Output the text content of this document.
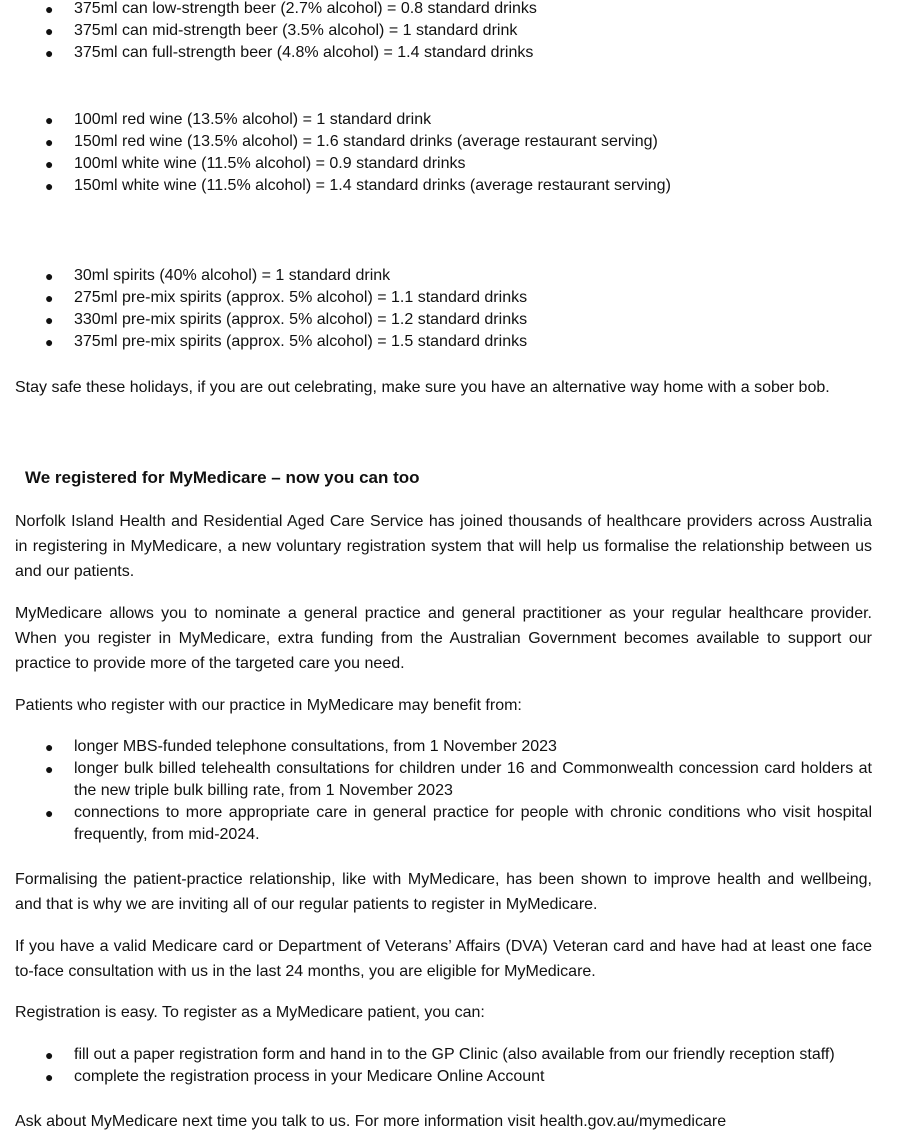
● 375ml can low-strength beer (2.7% alcohol) = 0.8 standard drinks
● 375ml can mid-strength beer (3.5% alcohol) = 1 standard drink
● 375ml can full-strength beer (4.8% alcohol) = 1.4 standard drinks
● 100ml red wine (13.5% alcohol) = 1 standard drink
● 150ml red wine (13.5% alcohol) = 1.6 standard drinks (average restaurant serving)
● 100ml white wine (11.5% alcohol) = 0.9 standard drinks
● 150ml white wine (11.5% alcohol) = 1.4 standard drinks (average restaurant serving)
● 30ml spirits (40% alcohol) = 1 standard drink
● 275ml pre-mix spirits (approx. 5% alcohol) = 1.1 standard drinks
● 330ml pre-mix spirits (approx. 5% alcohol) = 1.2 standard drinks
● 375ml pre-mix spirits (approx. 5% alcohol) = 1.5 standard drinks
Stay safe these holidays, if you are out celebrating, make sure you have an alternative way home with a sober bob.
We registered for MyMedicare – now you can too
Norfolk Island Health and Residential Aged Care Service has joined thousands of healthcare providers across Australia in registering in MyMedicare, a new voluntary registration system that will help us formalise the relationship between us and our patients.
MyMedicare allows you to nominate a general practice and general practitioner as your regular healthcare provider. When you register in MyMedicare, extra funding from the Australian Government becomes available to support our practice to provide more of the targeted care you need.
Patients who register with our practice in MyMedicare may benefit from:
● longer MBS-funded telephone consultations, from 1 November 2023
● longer bulk billed telehealth consultations for children under 16 and Commonwealth concession card holders at the new triple bulk billing rate, from 1 November 2023
● connections to more appropriate care in general practice for people with chronic conditions who visit hospital frequently, from mid-2024.
Formalising the patient-practice relationship, like with MyMedicare, has been shown to improve health and wellbeing, and that is why we are inviting all of our regular patients to register in MyMedicare.
If you have a valid Medicare card or Department of Veterans’ Affairs (DVA) Veteran card and have had at least one face to-face consultation with us in the last 24 months, you are eligible for MyMedicare.
Registration is easy. To register as a MyMedicare patient, you can:
● fill out a paper registration form and hand in to the GP Clinic (also available from our friendly reception staff)
● complete the registration process in your Medicare Online Account
Ask about MyMedicare next time you talk to us. For more information visit health.gov.au/mymedicare
